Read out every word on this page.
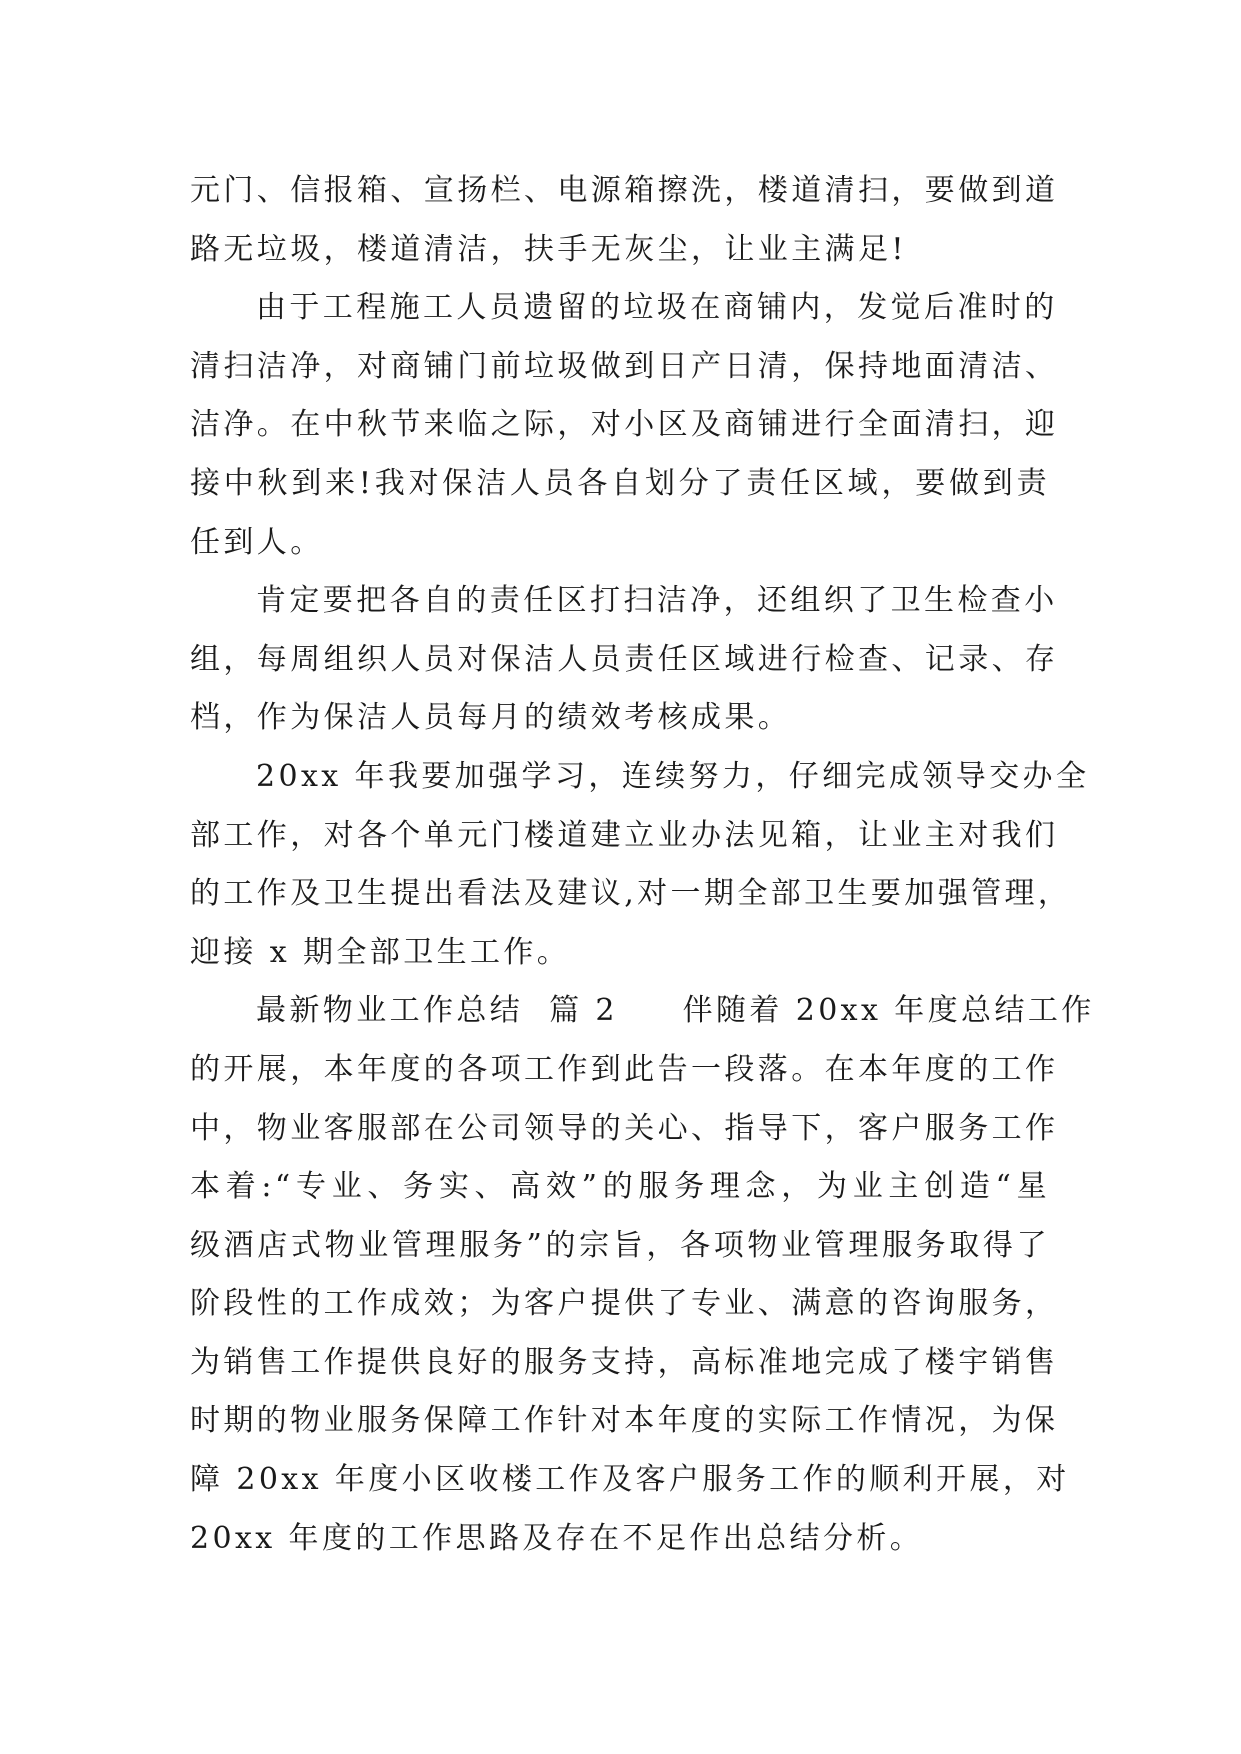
元门、信报箱、宣扬栏、电源箱擦洗，楼道清扫，要做到道
路无垃圾，楼道清洁，扶手无灰尘，让业主满足!
由于工程施工人员遗留的垃圾在商铺内，发觉后准时的
清扫洁净，对商铺门前垃圾做到日产日清，保持地面清洁、
洁净。在中秋节来临之际，对小区及商铺进行全面清扫，迎
接中秋到来!我对保洁人员各自划分了责任区域，要做到责
任到人。
肯定要把各自的责任区打扫洁净，还组织了卫生检查小
组，每周组织人员对保洁人员责任区域进行检查、记录、存
档，作为保洁人员每月的绩效考核成果。
20xx 年我要加强学习，连续努力，仔细完成领导交办全
部工作，对各个单元门楼道建立业办法见箱，让业主对我们
的工作及卫生提出看法及建议,对一期全部卫生要加强管理，
迎接 x 期全部卫生工作。
最新物业工作总结  篇 2     伴随着 20xx 年度总结工作
的开展，本年度的各项工作到此告一段落。在本年度的工作
中，物业客服部在公司领导的关心、指导下，客户服务工作
本着:“专业、务实、高效”的服务理念，为业主创造“星
级酒店式物业管理服务”的宗旨，各项物业管理服务取得了
阶段性的工作成效；为客户提供了专业、满意的咨询服务，
为销售工作提供良好的服务支持，高标准地完成了楼宇销售
时期的物业服务保障工作针对本年度的实际工作情况，为保
障 20xx 年度小区收楼工作及客户服务工作的顺利开展，对
20xx 年度的工作思路及存在不足作出总结分析。
